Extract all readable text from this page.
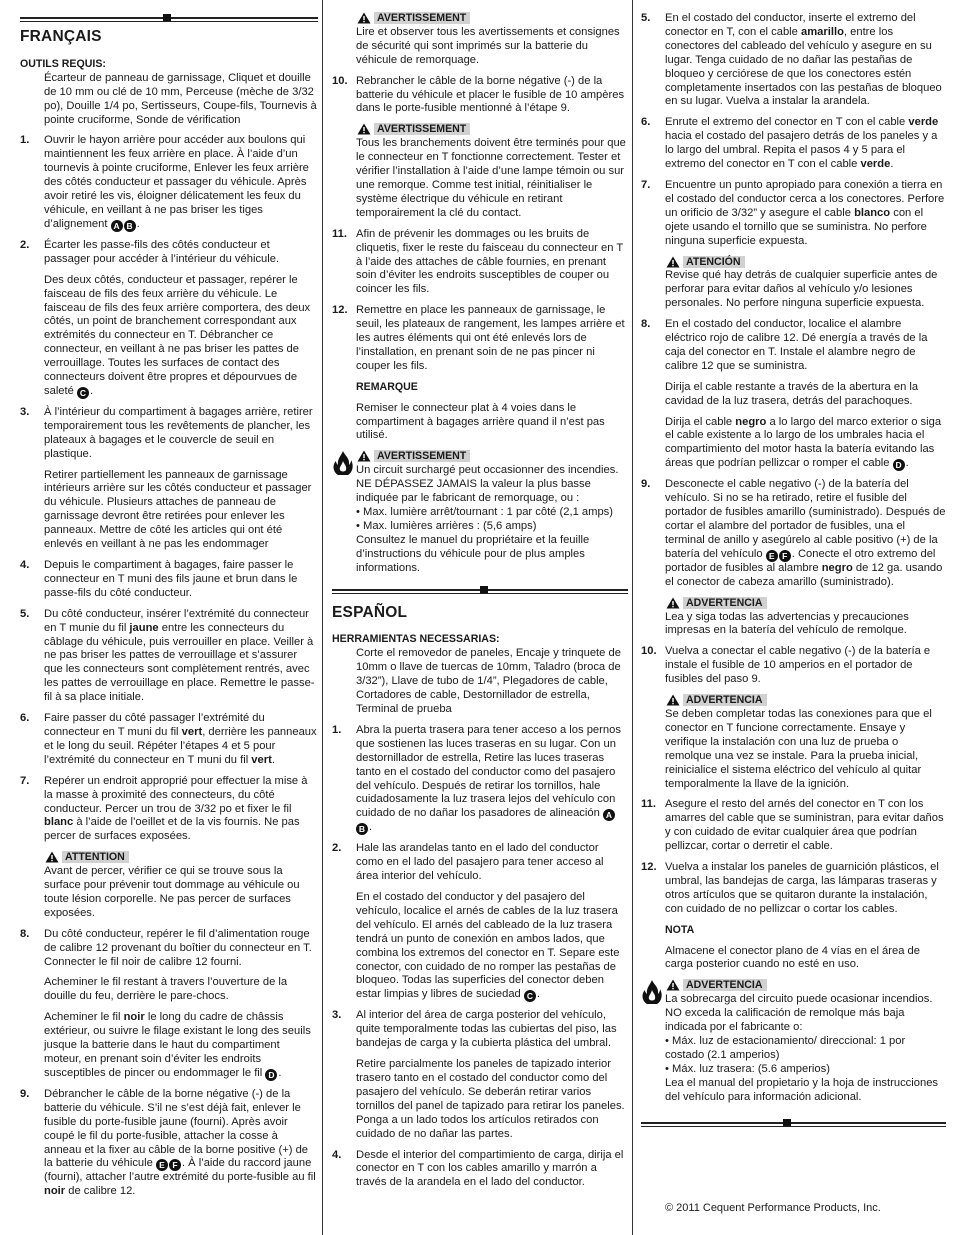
FRANÇAIS

OUTILS REQUIS:

Écarteur de panneau de garnissage, Cliquet et douille de 10 mm ou clé de 10 mm, Perceuse (mèche de 3/32 po), Douille 1/4 po, Sertisseurs, Coupe-fils, Tournevis à pointe cruciforme, Sonde de vérification

1. Ouvrir le hayon arrière pour accéder aux boulons qui maintiennent les feux arrière en place. À l’aide d’un tournevis à pointe cruciforme, Enlever les feux arrière des côtés conducteur et passager du véhicule. Après avoir retiré les vis, éloigner délicatement les feux du véhicule, en veillant à ne pas briser les tiges d’alignement A B .

2. Écarter les passe-fils des côtés conducteur et passager pour accéder à l’intérieur du véhicule.

Des deux côtés, conducteur et passager, repérer le faisceau de fils des feux arrière du véhicule. Le faisceau de fils des feux arrière comportera, des deux côtés, un point de branchement correspondant aux extrémités du connecteur en T. Débrancher ce connecteur, en veillant à ne pas briser les pattes de verrouillage. Toutes les surfaces de contact des connecteurs doivent être propres et dépourvues de saleté C .

3. À l’intérieur du compartiment à bagages arrière, retirer temporairement tous les revêtements de plancher, les plateaux à bagages et le couvercle de seuil en plastique.

Retirer partiellement les panneaux de garnissage intérieurs arrière sur les côtés conducteur et passager du véhicule. Plusieurs attaches de panneau de garnissage devront être retirées pour enlever les panneaux. Mettre de côté les articles qui ont été enlevés en veillant à ne pas les endommager

4. Depuis le compartiment à bagages, faire passer le connecteur en T muni des fils jaune et brun dans le passe-fils du côté conducteur.

5. Du côté conducteur, insérer l’extrémité du connecteur en T munie du fil jaune entre les connecteurs du câblage du véhicule, puis verrouiller en place. Veiller à ne pas briser les pattes de verrouillage et s’assurer que les connecteurs sont complètement rentrés, avec les pattes de verrouillage en place. Remettre le passe-fil à sa place initiale.

6. Faire passer du côté passager l’extrémité du connecteur en T muni du fil vert, derrière les panneaux et le long du seuil. Répéter l’étapes 4 et 5 pour l’extrémité du connecteur en T muni du fil vert.

7. Repérer un endroit approprié pour effectuer la mise à la masse à proximité des connecteurs, du côté conducteur. Percer un trou de 3/32 po et fixer le fil blanc à l’aide de l’oeillet et de la vis fournis. Ne pas percer de surfaces exposées.

ATTENTION

Avant de percer, vérifier ce qui se trouve sous la surface pour prévenir tout dommage au véhicule ou toute lésion corporelle. Ne pas percer de surfaces exposées.

8. Du côté conducteur, repérer le fil d’alimentation rouge de calibre 12 provenant du boîtier du connecteur en T. Connecter le fil noir de calibre 12 fourni.

Acheminer le fil restant à travers l’ouverture de la douille du feu, derrière le pare-chocs.

Acheminer le fil noir le long du cadre de châssis extérieur, ou suivre le filage existant le long des seuils jusque la batterie dans le haut du compartiment moteur, en prenant soin d’éviter les endroits susceptibles de pincer ou endommager le fil D .

9. Débrancher le câble de la borne négative (-) de la batterie du véhicule. S’il ne s’est déjà fait, enlever le fusible du porte-fusible jaune (fourni). Après avoir coupé le fil du porte-fusible, attacher la cosse à anneau et la fixer au câble de la borne positive (+) de la batterie du véhicule E F . À l’aide du raccord jaune (fourni), attacher l’autre extrémité du porte-fusible au fil noir de calibre 12.

AVERTISSEMENT

Lire et observer tous les avertissements et consignes de sécurité qui sont imprimés sur la batterie du véhicule de remorquage.

10. Rebrancher le câble de la borne négative (-) de la batterie du véhicule et placer le fusible de 10 ampères dans le porte-fusible mentionné à l’étape 9.

AVERTISSEMENT

Tous les branchements doivent être terminés pour que le connecteur en T fonctionne correctement. Tester et vérifier l’installation à l’aide d’une lampe témoin ou sur une remorque. Comme test initial, réinitialiser le système électrique du véhicule en retirant temporairement la clé du contact.

11. Afin de prévenir les dommages ou les bruits de cliquetis, fixer le reste du faisceau du connecteur en T à l’aide des attaches de câble fournies, en prenant soin d’éviter les endroits susceptibles de couper ou coincer les fils.

12. Remettre en place les panneaux de garnissage, le seuil, les plateaux de rangement, les lampes arrière et les autres éléments qui ont été enlevés lors de l’installation, en prenant soin de ne pas pincer ni couper les fils.

REMARQUE

Remiser le connecteur plat à 4 voies dans le compartiment à bagages arrière quand il n’est pas utilisé.

AVERTISSEMENT

Un circuit surchargé peut occasionner des incendies. NE DÉPASSEZ JAMAIS la valeur la plus basse indiquée par le fabricant de remorquage, ou :

• Max. lumière arrêt/tournant : 1 par côté (2,1 amps)
• Max. lumières arrières : (5,6 amps)

Consultez le manuel du propriétaire et la feuille d’instructions du véhicule pour de plus amples informations.

ESPAÑOL

HERRAMIENTAS NECESSARIAS:

Corte el removedor de paneles, Encaje y trinquete de 10mm o llave de tuercas de 10mm, Taladro (broca de 3/32”), Llave de tubo de 1/4”, Plegadores de cable, Cortadores de cable, Destornillador de estrella, Terminal de prueba

1. Abra la puerta trasera para tener acceso a los pernos que sostienen las luces traseras en su lugar. Con un destornillador de estrella, Retire las luces traseras tanto en el costado del conductor como del pasajero del vehículo. Después de retirar los tornillos, hale cuidadosamente la luz trasera lejos del vehículo con cuidado de no dañar los pasadores de alineación AB .

2. Hale las arandelas tanto en el lado del conductor como en el lado del pasajero para tener acceso al área interior del vehículo.

En el costado del conductor y del pasajero del vehículo, localice el arnés de cables de la luz trasera del vehículo. El arnés del cableado de la luz trasera tendrá un punto de conexión en ambos lados, que combina los extremos del conector en T. Separe este conector, con cuidado de no romper las pestañas de bloqueo. Todas las superficies del conector deben estar limpias y libres de suciedad C .

3. Al interior del área de carga posterior del vehículo, quite temporalmente todas las cubiertas del piso, las bandejas de carga y la cubierta plástica del umbral.

Retire parcialmente los paneles de tapizado interior trasero tanto en el costado del conductor como del pasajero del vehículo. Se deberán retirar varios tornillos del panel de tapizado para retirar los paneles. Ponga a un lado todos los artículos retirados con cuidado de no dañar las partes.

4. Desde el interior del compartimiento de carga, dirija el conector en T con los cables amarillo y marrón a través de la arandela en el lado del conductor.

5. En el costado del conductor, inserte el extremo del conector en T, con el cable amarillo, entre los conectores del cableado del vehículo y asegure en su lugar. Tenga cuidado de no dañar las pestañas de bloqueo y cerciórese de que los conectores estén completamente insertados con las pestañas de bloqueo en su lugar. Vuelva a instalar la arandela.

6. Enrute el extremo del conector en T con el cable verde hacia el costado del pasajero detrás de los paneles y a lo largo del umbral. Repita el pasos 4 y 5 para el extremo del conector en T con el cable verde.

7. Encuentre un punto apropiado para conexión a tierra en el costado del conductor cerca a los conectores. Perfore un orificio de 3/32” y asegure el cable blanco con el ojete usando el tornillo que se suministra. No perfore ninguna superficie expuesta.

ATENCIÓN

Revise qué hay detrás de cualquier superficie antes de perforar para evitar daños al vehículo y/o lesiones personales. No perfore ninguna superficie expuesta.

8. En el costado del conductor, localice el alambre eléctrico rojo de calibre 12. Dé energía a través de la caja del conector en T. Instale el alambre negro de calibre 12 que se suministra.

Dirija el cable restante a través de la abertura en la cavidad de la luz trasera, detrás del parachoques.

Dirija el cable negro a lo largo del marco exterior o siga el cable existente a lo largo de los umbrales hacia el compartimiento del motor hasta la batería evitando las áreas que podrían pellizcar o romper el cable D .

9. Desconecte el cable negativo (-) de la batería del vehículo. Si no se ha retirado, retire el fusible del portador de fusibles amarillo (suministrado). Después de cortar el alambre del portador de fusibles, una el terminal de anillo y asegúrelo al cable positivo (+) de la batería del vehículo E F . Conecte el otro extremo del portador de fusibles al alambre negro de 12 ga. usando el conector de cabeza amarillo (suministrado).

ADVERTENCIA

Lea y siga todas las advertencias y precauciones impresas en la batería del vehículo de remolque.

10. Vuelva a conectar el cable negativo (-) de la batería e instale el fusible de 10 amperios en el portador de fusibles del paso 9.

ADVERTENCIA

Se deben completar todas las conexiones para que el conector en T funcione correctamente. Ensaye y verifique la instalación con una luz de prueba o remolque una vez se instale. Para la prueba inicial, reinicialice el sistema eléctrico del vehículo al quitar temporalmente la llave de la ignición.

11. Asegure el resto del arnés del conector en T con los amarres del cable que se suministran, para evitar daños y con cuidado de evitar cualquier área que podrían pellizcar, cortar o derretir el cable.

12. Vuelva a instalar los paneles de guarnición plásticos, el umbral, las bandejas de carga, las lámparas traseras y otros artículos que se quitaron durante la instalación, con cuidado de no pellizcar o cortar los cables.

NOTA

Almacene el conector plano de 4 vías en el área de carga posterior cuando no esté en uso.

ADVERTENCIA

La sobrecarga del circuito puede ocasionar incendios. NO exceda la calificación de remolque más baja indicada por el fabricante o:

• Máx. luz de estacionamiento/ direccional: 1 por costado (2.1 amperios)
• Máx. luz trasera: (5.6 amperios)

Lea el manual del propietario y la hoja de instrucciones del vehículo para información adicional.

© 2011 Cequent Performance Products, Inc.
